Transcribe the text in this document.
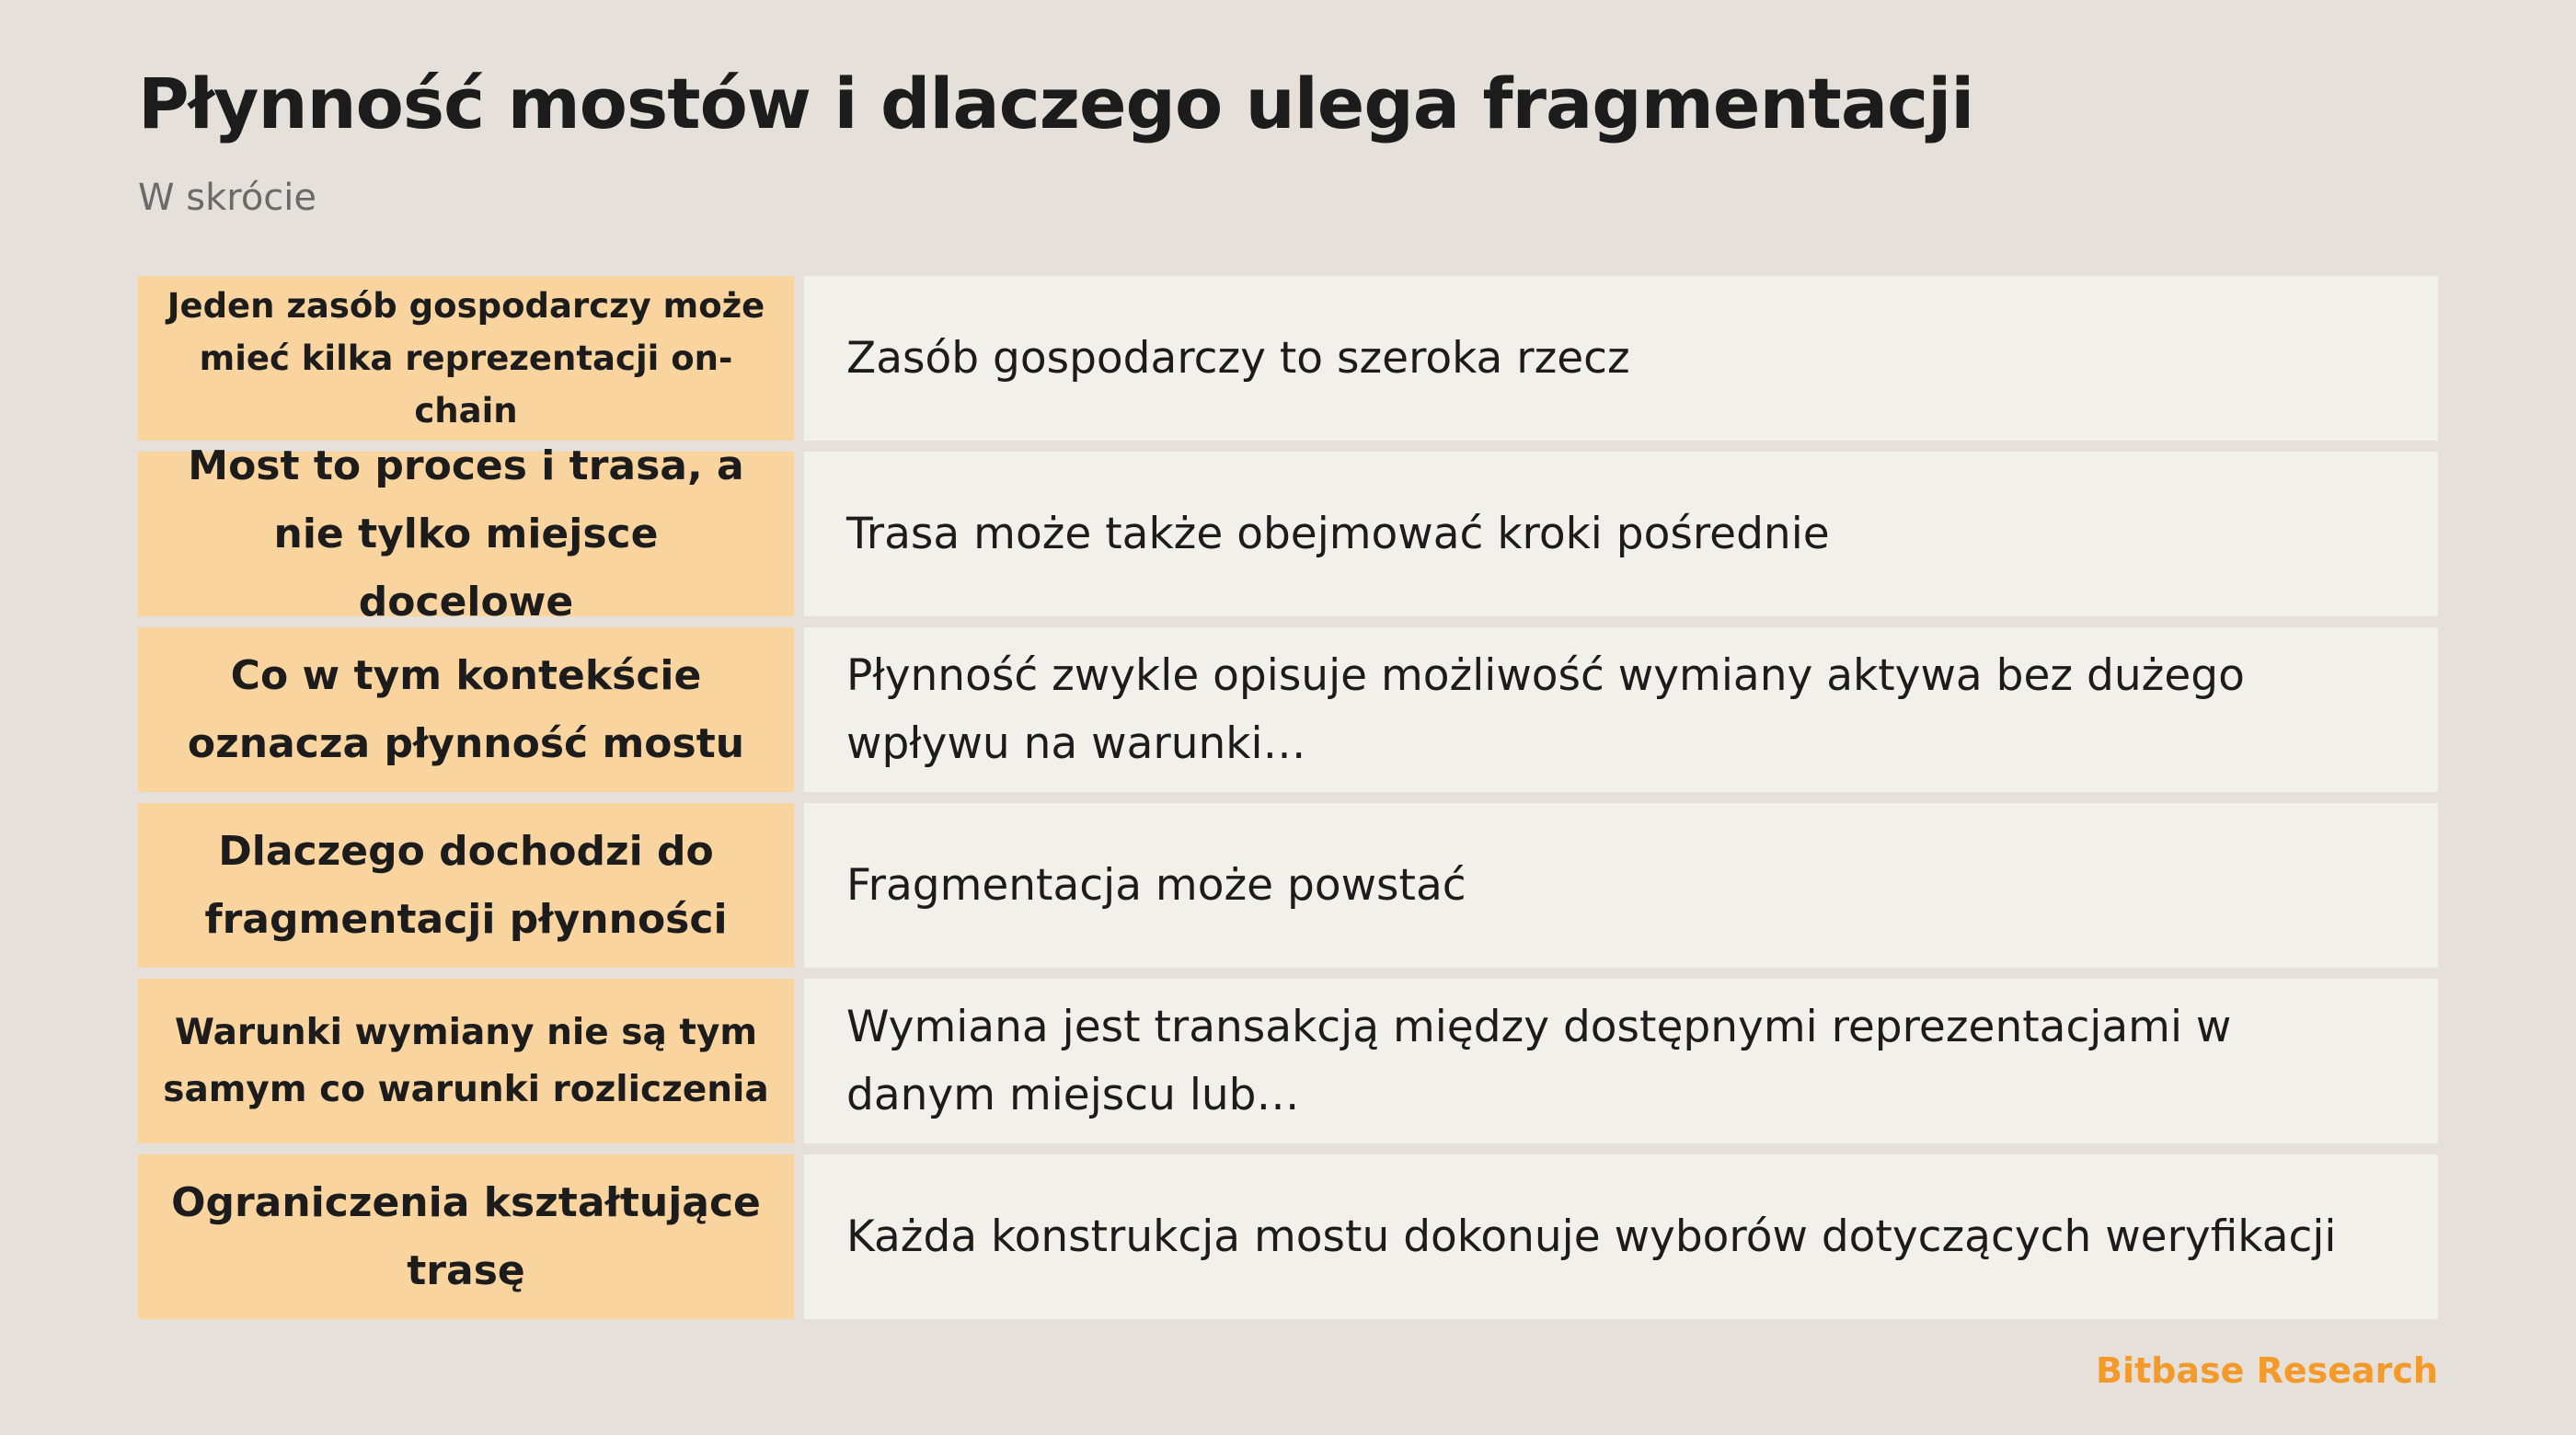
Płynność mostów i dlaczego ulega fragmentacji

W skrócie

Jeden zasób gospodarczy może mieć kilka reprezentacji on-chain
Zasób gospodarczy to szeroka rzecz
Most to proces i trasa, a nie tylko miejsce docelowe
Trasa może także obejmować kroki pośrednie
Co w tym kontekście oznacza płynność mostu
Płynność zwykle opisuje możliwość wymiany aktywa bez dużego wpływu na warunki…
Dlaczego dochodzi do fragmentacji płynności
Fragmentacja może powstać
Warunki wymiany nie są tym samym co warunki rozliczenia
Wymiana jest transakcją między dostępnymi reprezentacjami w danym miejscu lub…
Ograniczenia kształtujące trasę
Każda konstrukcja mostu dokonuje wyborów dotyczących weryfikacji
Bitbase Research
